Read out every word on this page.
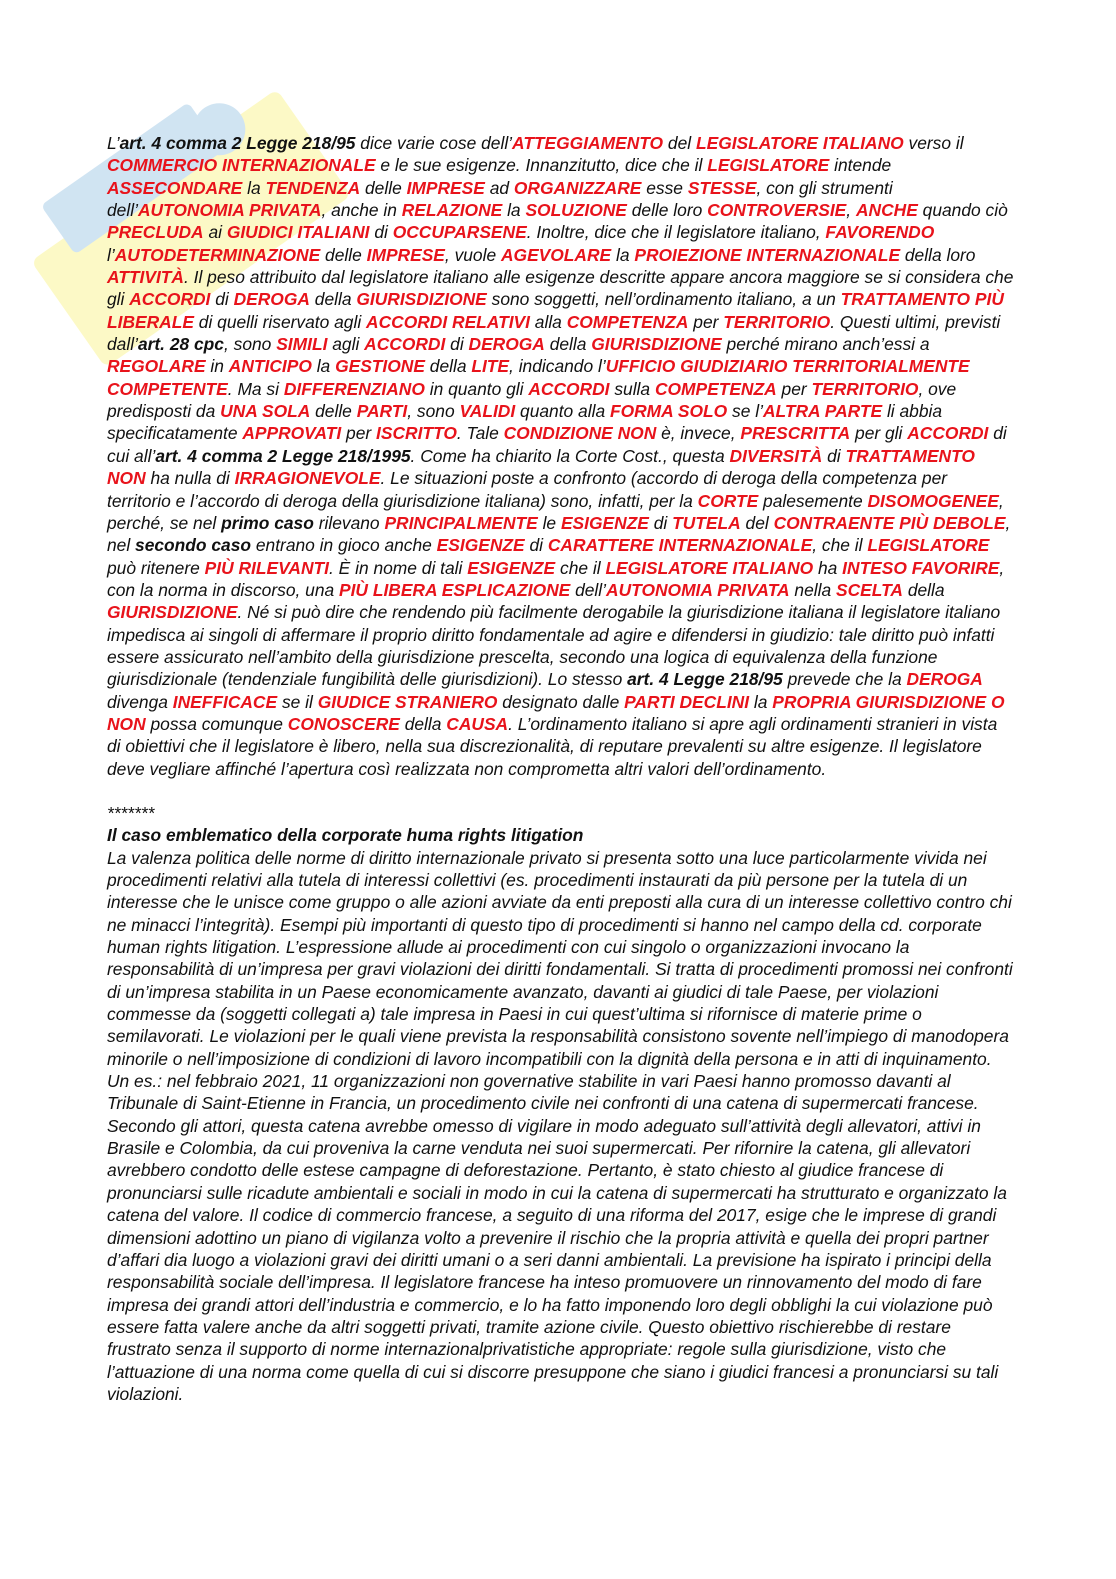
L’art. 4 comma 2 Legge 218/95 dice varie cose dell’ATTEGGIAMENTO del LEGISLATORE ITALIANO verso il COMMERCIO INTERNAZIONALE e le sue esigenze. Innanzitutto, dice che il LEGISLATORE intende ASSECONDARE la TENDENZA delle IMPRESE ad ORGANIZZARE esse STESSE, con gli strumenti dell’AUTONOMIA PRIVATA, anche in RELAZIONE la SOLUZIONE delle loro CONTROVERSIE, ANCHE quando ciò PRECLUDA ai GIUDICI ITALIANI di OCCUPARSENE. Inoltre, dice che il legislatore italiano, FAVORENDO l’AUTODETERMINAZIONE delle IMPRESE, vuole AGEVOLARE la PROIEZIONE INTERNAZIONALE della loro ATTIVITÀ. Il peso attribuito dal legislatore italiano alle esigenze descritte appare ancora maggiore se si considera che gli ACCORDI di DEROGA della GIURISDIZIONE sono soggetti, nell’ordinamento italiano, a un TRATTAMENTO PIÙ LIBERALE di quelli riservato agli ACCORDI RELATIVI alla COMPETENZA per TERRITORIO. Questi ultimi, previsti dall’art. 28 cpc, sono SIMILI agli ACCORDI di DEROGA della GIURISDIZIONE perché mirano anch’essi a REGOLARE in ANTICIPO la GESTIONE della LITE, indicando l’UFFICIO GIUDIZIARIO TERRITORIALMENTE COMPETENTE. Ma si DIFFERENZIANO in quanto gli ACCORDI sulla COMPETENZA per TERRITORIO, ove predisposti da UNA SOLA delle PARTI, sono VALIDI quanto alla FORMA SOLO se l’ALTRA PARTE li abbia specificatamente APPROVATI per ISCRITTO. Tale CONDIZIONE NON è, invece, PRESCRITTA per gli ACCORDI di cui all’art. 4 comma 2 Legge 218/1995. Come ha chiarito la Corte Cost., questa DIVERSITÀ di TRATTAMENTO NON ha nulla di IRRAGIONEVOLE. Le situazioni poste a confronto (accordo di deroga della competenza per territorio e l’accordo di deroga della giurisdizione italiana) sono, infatti, per la CORTE palesemente DISOMOGENEE, perché, se nel primo caso rilevano PRINCIPALMENTE le ESIGENZE di TUTELA del CONTRAENTE PIÙ DEBOLE, nel secondo caso entrano in gioco anche ESIGENZE di CARATTERE INTERNAZIONALE, che il LEGISLATORE può ritenere PIÙ RILEVANTI. È in nome di tali ESIGENZE che il LEGISLATORE ITALIANO ha INTESO FAVORIRE, con la norma in discorso, una PIÙ LIBERA ESPLICAZIONE dell’AUTONOMIA PRIVATA nella SCELTA della GIURISDIZIONE. Né si può dire che rendendo più facilmente derogabile la giurisdizione italiana il legislatore italiano impedisca ai singoli di affermare il proprio diritto fondamentale ad agire e difendersi in giudizio: tale diritto può infatti essere assicurato nell’ambito della giurisdizione prescelta, secondo una logica di equivalenza della funzione giurisdizionale (tendenziale fungibilità delle giurisdizioni). Lo stesso art. 4 Legge 218/95 prevede che la DEROGA divenga INEFFICACE se il GIUDICE STRANIERO designato dalle PARTI DECLINI la PROPRIA GIURISDIZIONE O NON possa comunque CONOSCERE della CAUSA. L’ordinamento italiano si apre agli ordinamenti stranieri in vista di obiettivi che il legislatore è libero, nella sua discrezionalità, di reputare prevalenti su altre esigenze. Il legislatore deve vegliare affinché l’apertura così realizzata non comprometta altri valori dell’ordinamento.

*******

Il caso emblematico della corporate huma rights litigation

La valenza politica delle norme di diritto internazionale privato si presenta sotto una luce particolarmente vivida nei procedimenti relativi alla tutela di interessi collettivi (es. procedimenti instaurati da più persone per la tutela di un interesse che le unisce come gruppo o alle azioni avviate da enti preposti alla cura di un interesse collettivo contro chi ne minacci l’integrità). Esempi più importanti di questo tipo di procedimenti si hanno nel campo della cd. corporate human rights litigation. L’espressione allude ai procedimenti con cui singolo o organizzazioni invocano la responsabilità di un’impresa per gravi violazioni dei diritti fondamentali. Si tratta di procedimenti promossi nei confronti di un’impresa stabilita in un Paese economicamente avanzato, davanti ai giudici di tale Paese, per violazioni commesse da (soggetti collegati a) tale impresa in Paesi in cui quest’ultima si rifornisce di materie prime o semilavorati. Le violazioni per le quali viene prevista la responsabilità consistono sovente nell’impiego di manodopera minorile o nell’imposizione di condizioni di lavoro incompatibili con la dignità della persona e in atti di inquinamento. Un es.: nel febbraio 2021, 11 organizzazioni non governative stabilite in vari Paesi hanno promosso davanti al Tribunale di Saint-Etienne in Francia, un procedimento civile nei confronti di una catena di supermercati francese. Secondo gli attori, questa catena avrebbe omesso di vigilare in modo adeguato sull’attività degli allevatori, attivi in Brasile e Colombia, da cui proveniva la carne venduta nei suoi supermercati. Per rifornire la catena, gli allevatori avrebbero condotto delle estese campagne di deforestazione. Pertanto, è stato chiesto al giudice francese di pronunciarsi sulle ricadute ambientali e sociali in modo in cui la catena di supermercati ha strutturato e organizzato la catena del valore. Il codice di commercio francese, a seguito di una riforma del 2017, esige che le imprese di grandi dimensioni adottino un piano di vigilanza volto a prevenire il rischio che la propria attività e quella dei propri partner d’affari dia luogo a violazioni gravi dei diritti umani o a seri danni ambientali. La previsione ha ispirato i principi della responsabilità sociale dell’impresa. Il legislatore francese ha inteso promuovere un rinnovamento del modo di fare impresa dei grandi attori dell’industria e commercio, e lo ha fatto imponendo loro degli obblighi la cui violazione può essere fatta valere anche da altri soggetti privati, tramite azione civile. Questo obiettivo rischierebbe di restare frustrato senza il supporto di norme internazionalprivatistiche appropriate: regole sulla giurisdizione, visto che l’attuazione di una norma come quella di cui si discorre presuppone che siano i giudici francesi a pronunciarsi su tali violazioni.
